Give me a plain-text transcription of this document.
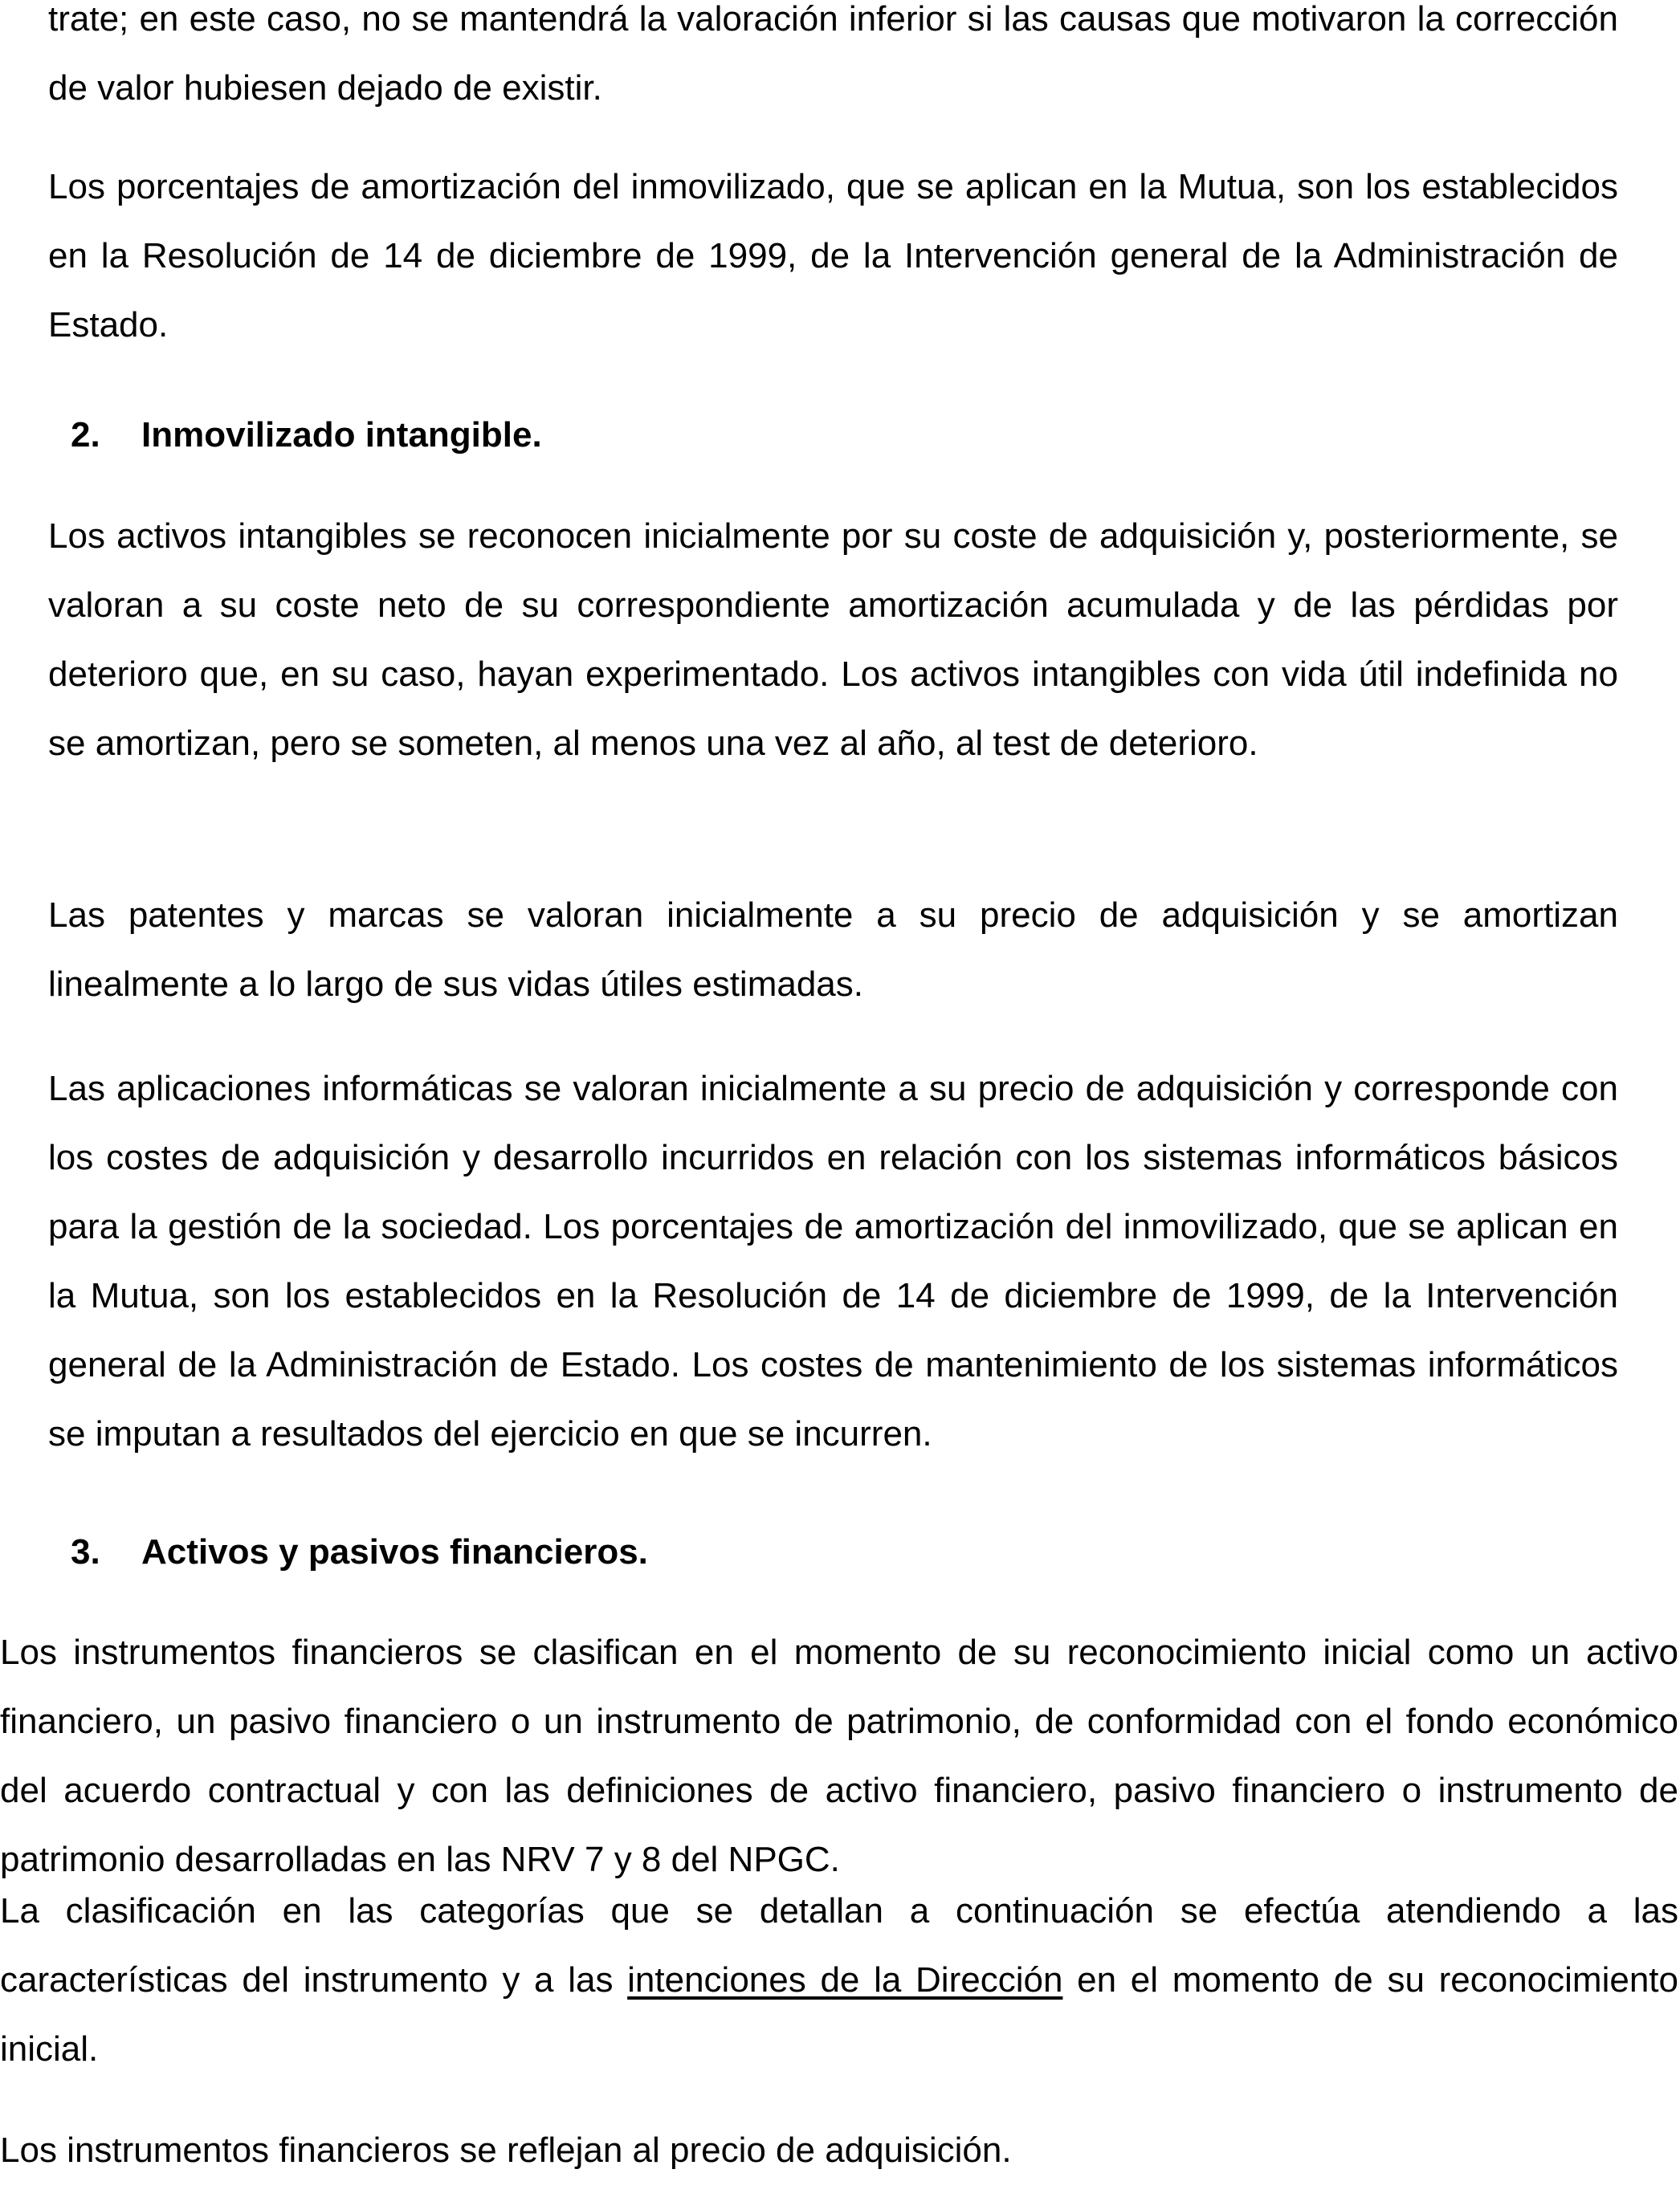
trate; en este caso, no se mantendrá la valoración inferior si las causas que motivaron la corrección de valor hubiesen dejado de existir.

Los porcentajes de amortización del inmovilizado, que se aplican en la Mutua, son los establecidos en la Resolución de 14 de diciembre de 1999, de la Intervención general de la Administración de Estado.

2. Inmovilizado intangible.

Los activos intangibles se reconocen inicialmente por su coste de adquisición y, posteriormente, se valoran a su coste neto de su correspondiente amortización acumulada y de las pérdidas por deterioro que, en su caso, hayan experimentado. Los activos intangibles con vida útil indefinida no se amortizan, pero se someten, al menos una vez al año, al test de deterioro.

Las patentes y marcas se valoran inicialmente a su precio de adquisición y se amortizan linealmente a lo largo de sus vidas útiles estimadas.

Las aplicaciones informáticas se valoran inicialmente a su precio de adquisición y corresponde con los costes de adquisición y desarrollo incurridos en relación con los sistemas informáticos básicos para la gestión de la sociedad. Los porcentajes de amortización del inmovilizado, que se aplican en la Mutua, son los establecidos en la Resolución de 14 de diciembre de 1999, de la Intervención general de la Administración de Estado. Los costes de mantenimiento de los sistemas informáticos se imputan a resultados del ejercicio en que se incurren.

3. Activos y pasivos financieros.

Los instrumentos financieros se clasifican en el momento de su reconocimiento inicial como un activo financiero, un pasivo financiero o un instrumento de patrimonio, de conformidad con el fondo económico del acuerdo contractual y con las definiciones de activo financiero, pasivo financiero o instrumento de patrimonio desarrolladas en las NRV 7 y 8 del NPGC.

La clasificación en las categorías que se detallan a continuación se efectúa atendiendo a las características del instrumento y a las intenciones de la Dirección en el momento de su reconocimiento inicial.

Los instrumentos financieros se reflejan al precio de adquisición.
